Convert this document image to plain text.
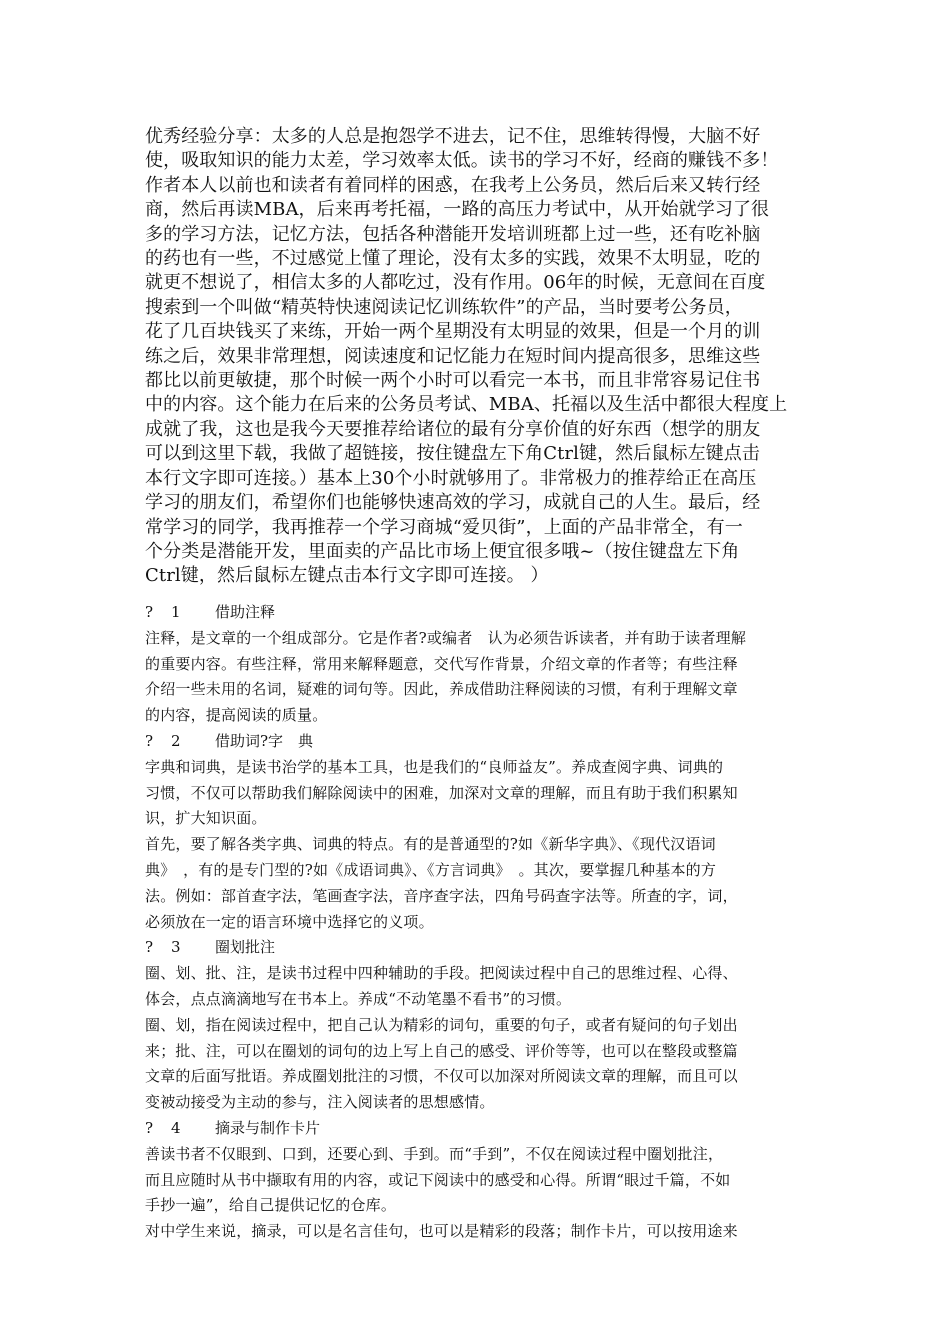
优秀经验分享：太多的人总是抱怨学不进去，记不住，思维转得慢，大脑不好
使，吸取知识的能力太差，学习效率太低。读书的学习不好，经商的赚钱不多！
作者本人以前也和读者有着同样的困惑，在我考上公务员，然后后来又转行经
商，然后再读MBA，后来再考托福，一路的高压力考试中，从开始就学习了很
多的学习方法，记忆方法，包括各种潜能开发培训班都上过一些，还有吃补脑
的药也有一些，不过感觉上懂了理论，没有太多的实践，效果不太明显，吃的
就更不想说了，相信太多的人都吃过，没有作用。06年的时候，无意间在百度
搜索到一个叫做“精英特快速阅读记忆训练软件”的产品，当时要考公务员，
花了几百块钱买了来练，开始一两个星期没有太明显的效果，但是一个月的训
练之后，效果非常理想，阅读速度和记忆能力在短时间内提高很多，思维这些
都比以前更敏捷，那个时候一两个小时可以看完一本书，而且非常容易记住书
中的内容。这个能力在后来的公务员考试、MBA、托福以及生活中都很大程度上
成就了我，这也是我今天要推荐给诸位的最有分享价值的好东西（想学的朋友
可以到这里下载，我做了超链接，按住键盘左下角Ctrl键，然后鼠标左键点击
本行文字即可连接。）基本上30个小时就够用了。非常极力的推荐给正在高压
学习的朋友们，希望你们也能够快速高效的学习，成就自己的人生。最后，经
常学习的同学，我再推荐一个学习商城“爱贝街”，上面的产品非常全，有一
个分类是潜能开发，里面卖的产品比市场上便宜很多哦~（按住键盘左下角
Ctrl键，然后鼠标左键点击本行文字即可连接。 ）
? 1 借助注释
注释，是文章的一个组成部分。它是作者?或编者　认为必须告诉读者，并有助于读者理解
的重要内容。有些注释，常用来解释题意，交代写作背景，介绍文章的作者等；有些注释
介绍一些未用的名词，疑难的词句等。因此，养成借助注释阅读的习惯，有利于理解文章
的内容，提高阅读的质量。
? 2 借助词?字　典
字典和词典，是读书治学的基本工具，也是我们的“良师益友”。养成查阅字典、词典的
习惯，不仅可以帮助我们解除阅读中的困难，加深对文章的理解，而且有助于我们积累知
识，扩大知识面。
首先，要了解各类字典、词典的特点。有的是普通型的?如《新华字典》、《现代汉语词
典》　，有的是专门型的?如《成语词典》、《方言词典》　。其次，要掌握几种基本的方
法。例如：部首查字法，笔画查字法，音序查字法，四角号码查字法等。所查的字，词，
必须放在一定的语言环境中选择它的义项。
? 3 圈划批注
圈、划、批、注，是读书过程中四种辅助的手段。把阅读过程中自己的思维过程、心得、
体会，点点滴滴地写在书本上。养成“不动笔墨不看书”的习惯。
圈、划，指在阅读过程中，把自己认为精彩的词句，重要的句子，或者有疑问的句子划出
来；批、注，可以在圈划的词句的边上写上自己的感受、评价等等，也可以在整段或整篇
文章的后面写批语。养成圈划批注的习惯，不仅可以加深对所阅读文章的理解，而且可以
变被动接受为主动的参与，注入阅读者的思想感情。
? 4 摘录与制作卡片
善读书者不仅眼到、口到，还要心到、手到。而“手到”，不仅在阅读过程中圈划批注，
而且应随时从书中撷取有用的内容，或记下阅读中的感受和心得。所谓“眼过千篇，不如
手抄一遍”，给自己提供记忆的仓库。
对中学生来说，摘录，可以是名言佳句，也可以是精彩的段落；制作卡片，可以按用途来
